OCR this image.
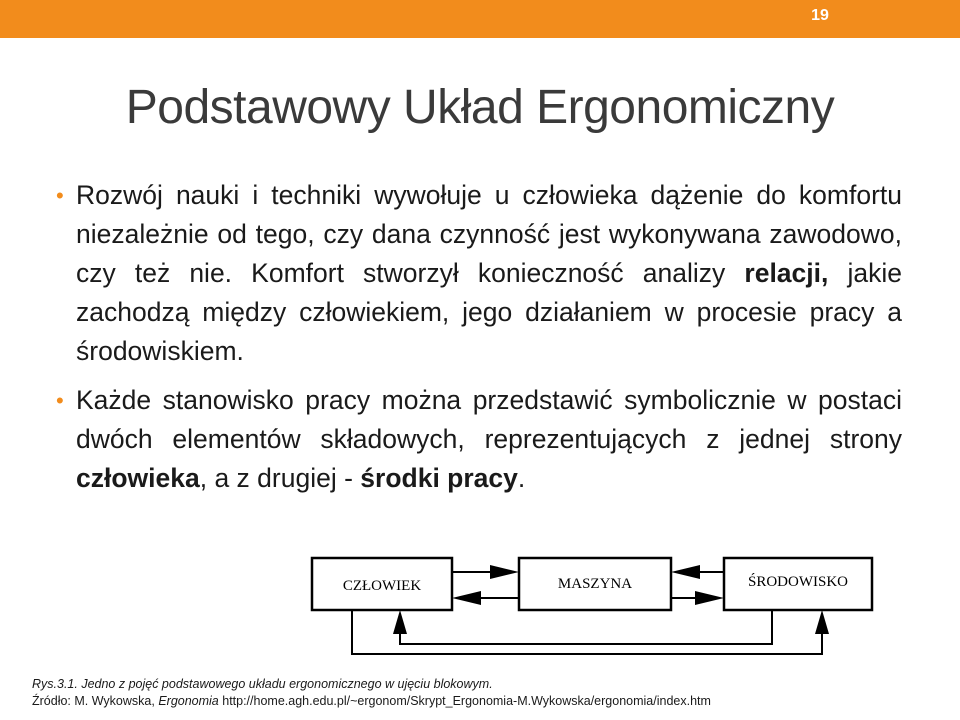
19
Podstawowy Układ Ergonomiczny
• Rozwój nauki i techniki wywołuje u człowieka dążenie do komfortu niezależnie od tego, czy dana czynność jest wykonywana zawodowo, czy też nie. Komfort stworzył konieczność analizy relacji, jakie zachodzą między człowiekiem, jego działaniem w procesie pracy a środowiskiem.
• Każde stanowisko pracy można przedstawić symbolicznie w postaci dwóch elementów składowych, reprezentujących z jednej strony człowieka, a z drugiej - środki pracy.
CZŁOWIEK	MASZYNA	ŚRODOWISKO
Rys.3.1. Jedno z pojęć podstawowego układu ergonomicznego w ujęciu blokowym.
Źródło: M. Wykowska, Ergonomia http://home.agh.edu.pl/~ergonom/Skrypt_Ergonomia-M.Wykowska/ergonomia/index.htm
